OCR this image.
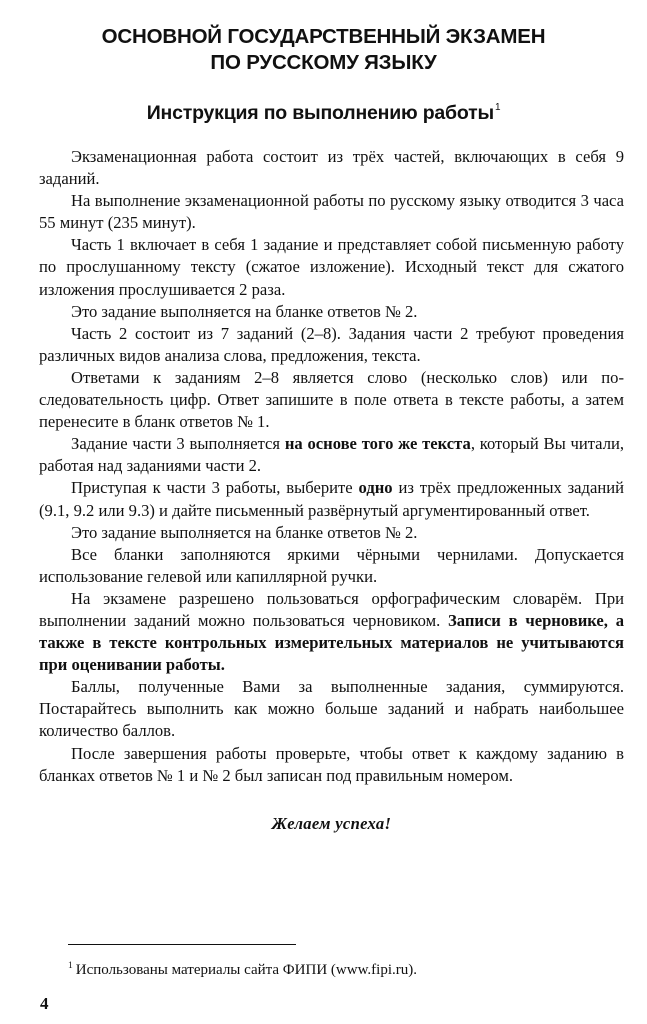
ОСНОВНОЙ ГОСУДАРСТВЕННЫЙ ЭКЗАМЕН
ПО РУССКОМУ ЯЗЫКУ
Инструкция по выполнению работы$^1$

Экзаменационная работа состоит из трёх частей, включающих в себя 9 заданий.

На выполнение экзаменационной работы по русскому языку отводится 3 часа 55 минут (235 минут).

Часть 1 включает в себя 1 задание и представляет собой письменную работу по прослушанному тексту (сжатое изложение). Исходный текст для сжатого изложения прослушивается 2 раза.

Это задание выполняется на бланке ответов № 2.

Часть 2 состоит из 7 заданий (2–8). Задания части 2 требуют проведения различных видов анализа слова, предложения, текста.

Ответами к заданиям 2–8 является слово (несколько слов) или последовательность цифр. Ответ запишите в поле ответа в тексте работы, а затем перенесите в бланк ответов № 1.

Задание части 3 выполняется на основе того же текста, который Вы читали, работая над заданиями части 2.

Приступая к части 3 работы, выберите одно из трёх предложенных заданий (9.1, 9.2 или 9.3) и дайте письменный развёрнутый аргументированный ответ.

Это задание выполняется на бланке ответов № 2.

Все бланки заполняются яркими чёрными чернилами. Допускается использование гелевой или капиллярной ручки.

На экзамене разрешено пользоваться орфографическим словарём. При выполнении заданий можно пользоваться черновиком. Записи в черновике, а также в тексте контрольных измерительных материалов не учитываются при оценивании работы.

Баллы, полученные Вами за выполненные задания, суммируются. Постарайтесь выполнить как можно больше заданий и набрать наибольшее количество баллов.

После завершения работы проверьте, чтобы ответ к каждому заданию в бланках ответов № 1 и № 2 был записан под правильным номером.

Желаем успеха!

$^1$ Использованы материалы сайта ФИПИ (www.fipi.ru).
4
